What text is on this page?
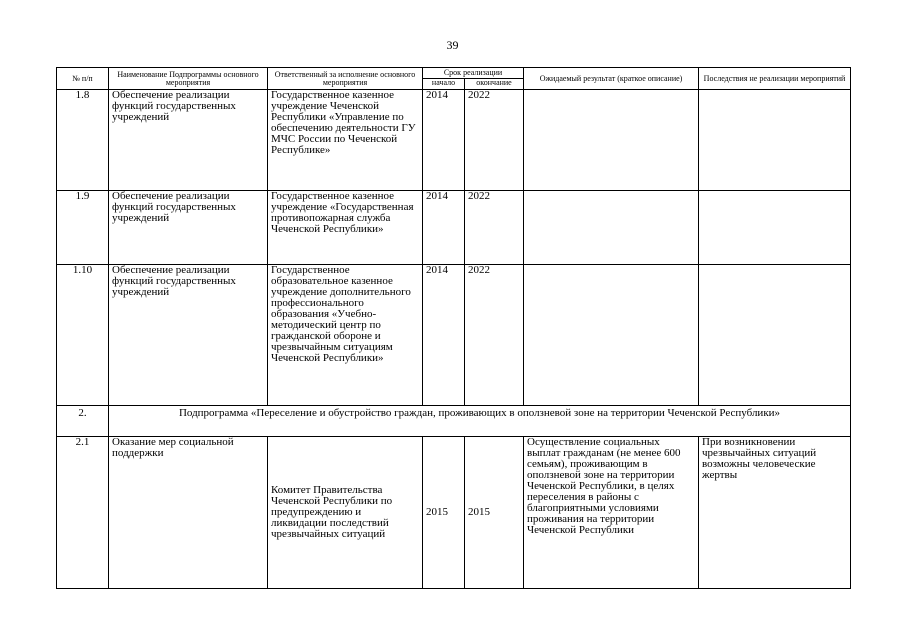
39
№ п/п	Наименование Подпрограммы основного мероприятия	Ответственный за исполнение основного мероприятия	Срок реализации		Ожидаемый результат (краткое описание)	Последствия не реализации мероприятий
			начало	окончание		
1.8	Обеспечение реализации функций государственных учреждений	Государственное казенное учреждение Чеченской Республики «Управление по обеспечению деятельности ГУ МЧС России по Чеченской Республике»	2014	2022		
1.9	Обеспечение реализации функций государственных учреждений	Государственное казенное учреждение «Государственная противопожарная служба Чеченской Республики»	2014	2022		
1.10	Обеспечение реализации функций государственных учреждений	Государственное образовательное казенное учреждение дополнительного профессионального образования «Учебно-методический центр по гражданской обороне и чрезвычайным ситуациям Чеченской Республики»	2014	2022		
2.	Подпрограмма «Переселение и обустройство граждан, проживающих в оползневой зоне на территории Чеченской Республики»					
2.1	Оказание мер социальной поддержки	Комитет Правительства Чеченской Республики по предупреждению и ликвидации последствий чрезвычайных ситуаций	2015	2015	Осуществление социальных выплат гражданам (не менее 600 семьям), проживающим в оползневой зоне на территории Чеченской Республики, в целях переселения в районы с благоприятными условиями проживания на территории Чеченской Республики	При возникновении чрезвычайных ситуаций возможны человеческие жертвы
